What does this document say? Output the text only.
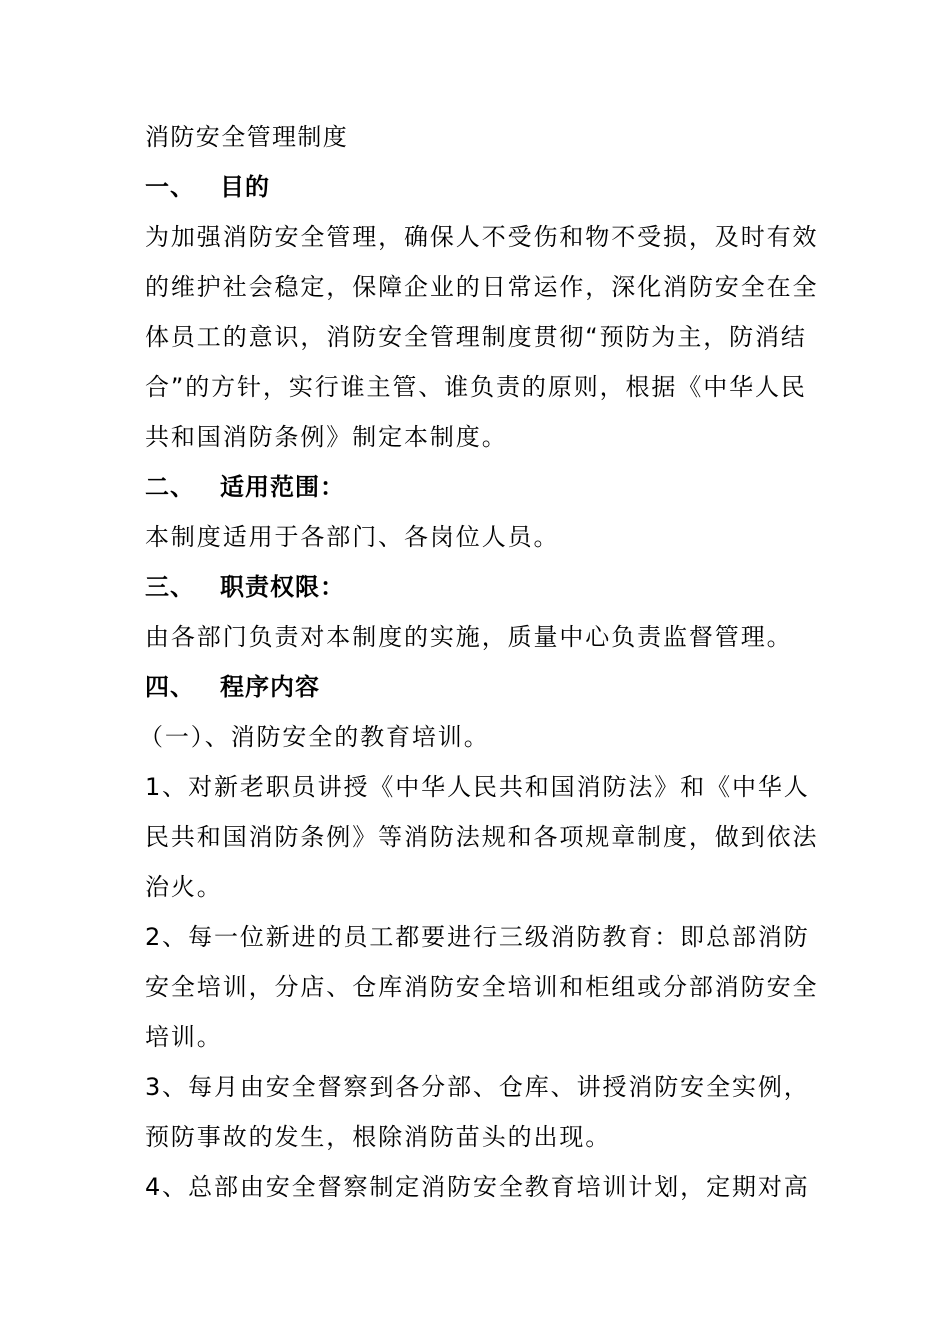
消防安全管理制度
一、	目的
为加强消防安全管理，确保人不受伤和物不受损，及时有效
的维护社会稳定，保障企业的日常运作，深化消防安全在全
体员工的意识，消防安全管理制度贯彻“预防为主，防消结
合”的方针，实行谁主管、谁负责的原则，根据《中华人民
共和国消防条例》制定本制度。
二、	适用范围：
本制度适用于各部门、各岗位人员。
三、	职责权限：
由各部门负责对本制度的实施，质量中心负责监督管理。
四、	程序内容
（一）、消防安全的教育培训。
1、对新老职员讲授《中华人民共和国消防法》和《中华人
民共和国消防条例》等消防法规和各项规章制度，做到依法
治火。
2、每一位新进的员工都要进行三级消防教育：即总部消防
安全培训，分店、仓库消防安全培训和柜组或分部消防安全
培训。
3、每月由安全督察到各分部、仓库、讲授消防安全实例，
预防事故的发生，根除消防苗头的出现。
4、总部由安全督察制定消防安全教育培训计划，定期对高
